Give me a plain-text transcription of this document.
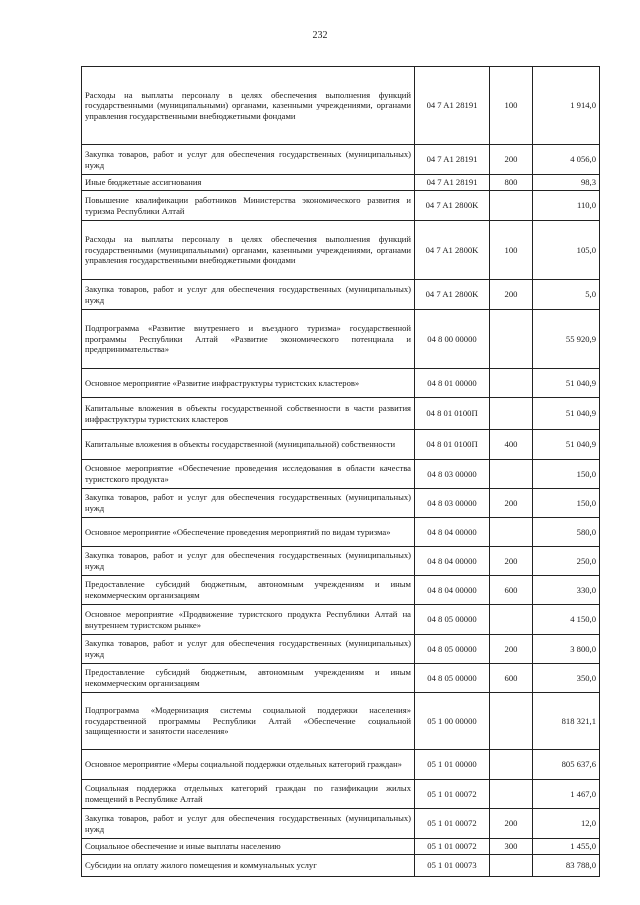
232
Расходы на выплаты персоналу в целях обеспечения выполнения функций государственными (муниципальными) органами, казенными учреждениями, органами управления государственными внебюджетными фондами	04 7 A1 28191	100	1 914,0
Закупка товаров, работ и услуг для обеспечения государственных (муниципальных) нужд	04 7 A1 28191	200	4 056,0
Иные бюджетные ассигнования	04 7 A1 28191	800	98,3
Повышение квалификации работников Министерства экономического развития и туризма Республики Алтай	04 7 A1 2800K		110,0
Расходы на выплаты персоналу в целях обеспечения выполнения функций государственными (муниципальными) органами, казенными учреждениями, органами управления государственными внебюджетными фондами	04 7 A1 2800K	100	105,0
Закупка товаров, работ и услуг для обеспечения государственных (муниципальных) нужд	04 7 A1 2800K	200	5,0
Подпрограмма «Развитие внутреннего и въездного туризма» государственной программы Республики Алтай «Развитие экономического потенциала и предпринимательства»	04 8 00 00000		55 920,9
Основное мероприятие «Развитие инфраструктуры туристских кластеров»	04 8 01 00000		51 040,9
Капитальные вложения в объекты государственной собственности в части развития инфраструктуры туристских кластеров	04 8 01 0100П		51 040,9
Капитальные вложения в объекты государственной (муниципальной) собственности	04 8 01 0100П	400	51 040,9
Основное мероприятие «Обеспечение проведения исследования в области качества туристского продукта»	04 8 03 00000		150,0
Закупка товаров, работ и услуг для обеспечения государственных (муниципальных) нужд	04 8 03 00000	200	150,0
Основное мероприятие «Обеспечение проведения мероприятий по видам туризма»	04 8 04 00000		580,0
Закупка товаров, работ и услуг для обеспечения государственных (муниципальных) нужд	04 8 04 00000	200	250,0
Предоставление субсидий бюджетным, автономным учреждениям и иным некоммерческим организациям	04 8 04 00000	600	330,0
Основное мероприятие «Продвижение туристского продукта Республики Алтай на внутреннем туристском рынке»	04 8 05 00000		4 150,0
Закупка товаров, работ и услуг для обеспечения государственных (муниципальных) нужд	04 8 05 00000	200	3 800,0
Предоставление субсидий бюджетным, автономным учреждениям и иным некоммерческим организациям	04 8 05 00000	600	350,0
Подпрограмма «Модернизация системы социальной поддержки населения» государственной программы Республики Алтай «Обеспечение социальной защищенности и занятости населения»	05 1 00 00000		818 321,1
Основное мероприятие «Меры социальной поддержки отдельных категорий граждан»	05 1 01 00000		805 637,6
Социальная поддержка отдельных категорий граждан по газификации жилых помещений в Республике Алтай	05 1 01 00072		1 467,0
Закупка товаров, работ и услуг для обеспечения государственных (муниципальных) нужд	05 1 01 00072	200	12,0
Социальное обеспечение и иные выплаты населению	05 1 01 00072	300	1 455,0
Субсидии на оплату жилого помещения и коммунальных услуг	05 1 01 00073		83 788,0
